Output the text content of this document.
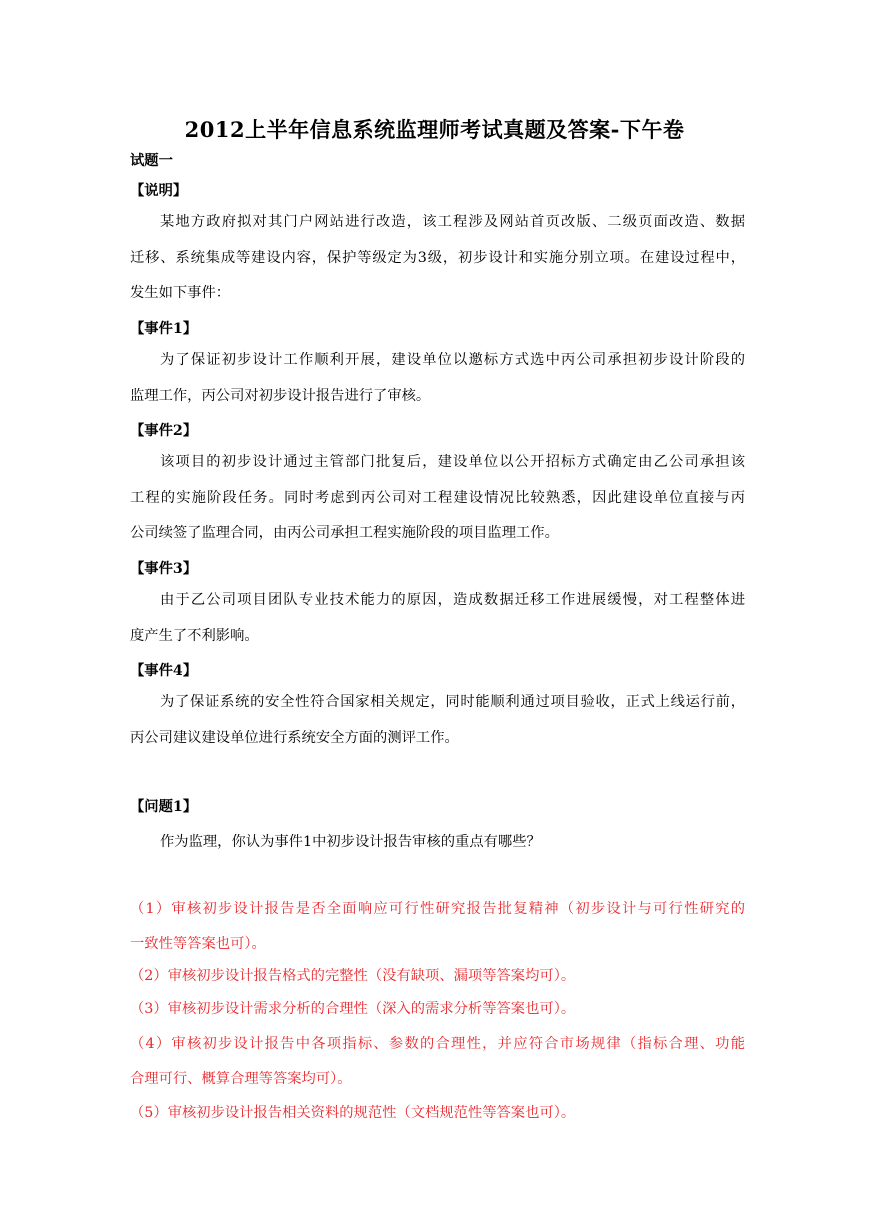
2012上半年信息系统监理师考试真题及答案-下午卷
试题一
【说明】
某地方政府拟对其门户网站进行改造，该工程涉及网站首页改版、二级页面改造、数据
迁移、系统集成等建设内容，保护等级定为3级，初步设计和实施分别立项。在建设过程中，
发生如下事件：
【事件1】
为了保证初步设计工作顺利开展，建设单位以邀标方式选中丙公司承担初步设计阶段的
监理工作，丙公司对初步设计报告进行了审核。
【事件2】
该项目的初步设计通过主管部门批复后，建设单位以公开招标方式确定由乙公司承担该
工程的实施阶段任务。同时考虑到丙公司对工程建设情况比较熟悉，因此建设单位直接与丙
公司续签了监理合同，由丙公司承担工程实施阶段的项目监理工作。
【事件3】
由于乙公司项目团队专业技术能力的原因，造成数据迁移工作进展缓慢，对工程整体进
度产生了不利影响。
【事件4】
为了保证系统的安全性符合国家相关规定，同时能顺利通过项目验收，正式上线运行前，
丙公司建议建设单位进行系统安全方面的测评工作。
【问题1】
作为监理，你认为事件1中初步设计报告审核的重点有哪些？
（1）审核初步设计报告是否全面响应可行性研究报告批复精神（初步设计与可行性研究的
一致性等答案也可）。
（2）审核初步设计报告格式的完整性（没有缺项、漏项等答案均可）。
（3）审核初步设计需求分析的合理性（深入的需求分析等答案也可）。
（4）审核初步设计报告中各项指标、参数的合理性，并应符合市场规律（指标合理、功能
合理可行、概算合理等答案均可）。
（5）审核初步设计报告相关资料的规范性（文档规范性等答案也可）。
